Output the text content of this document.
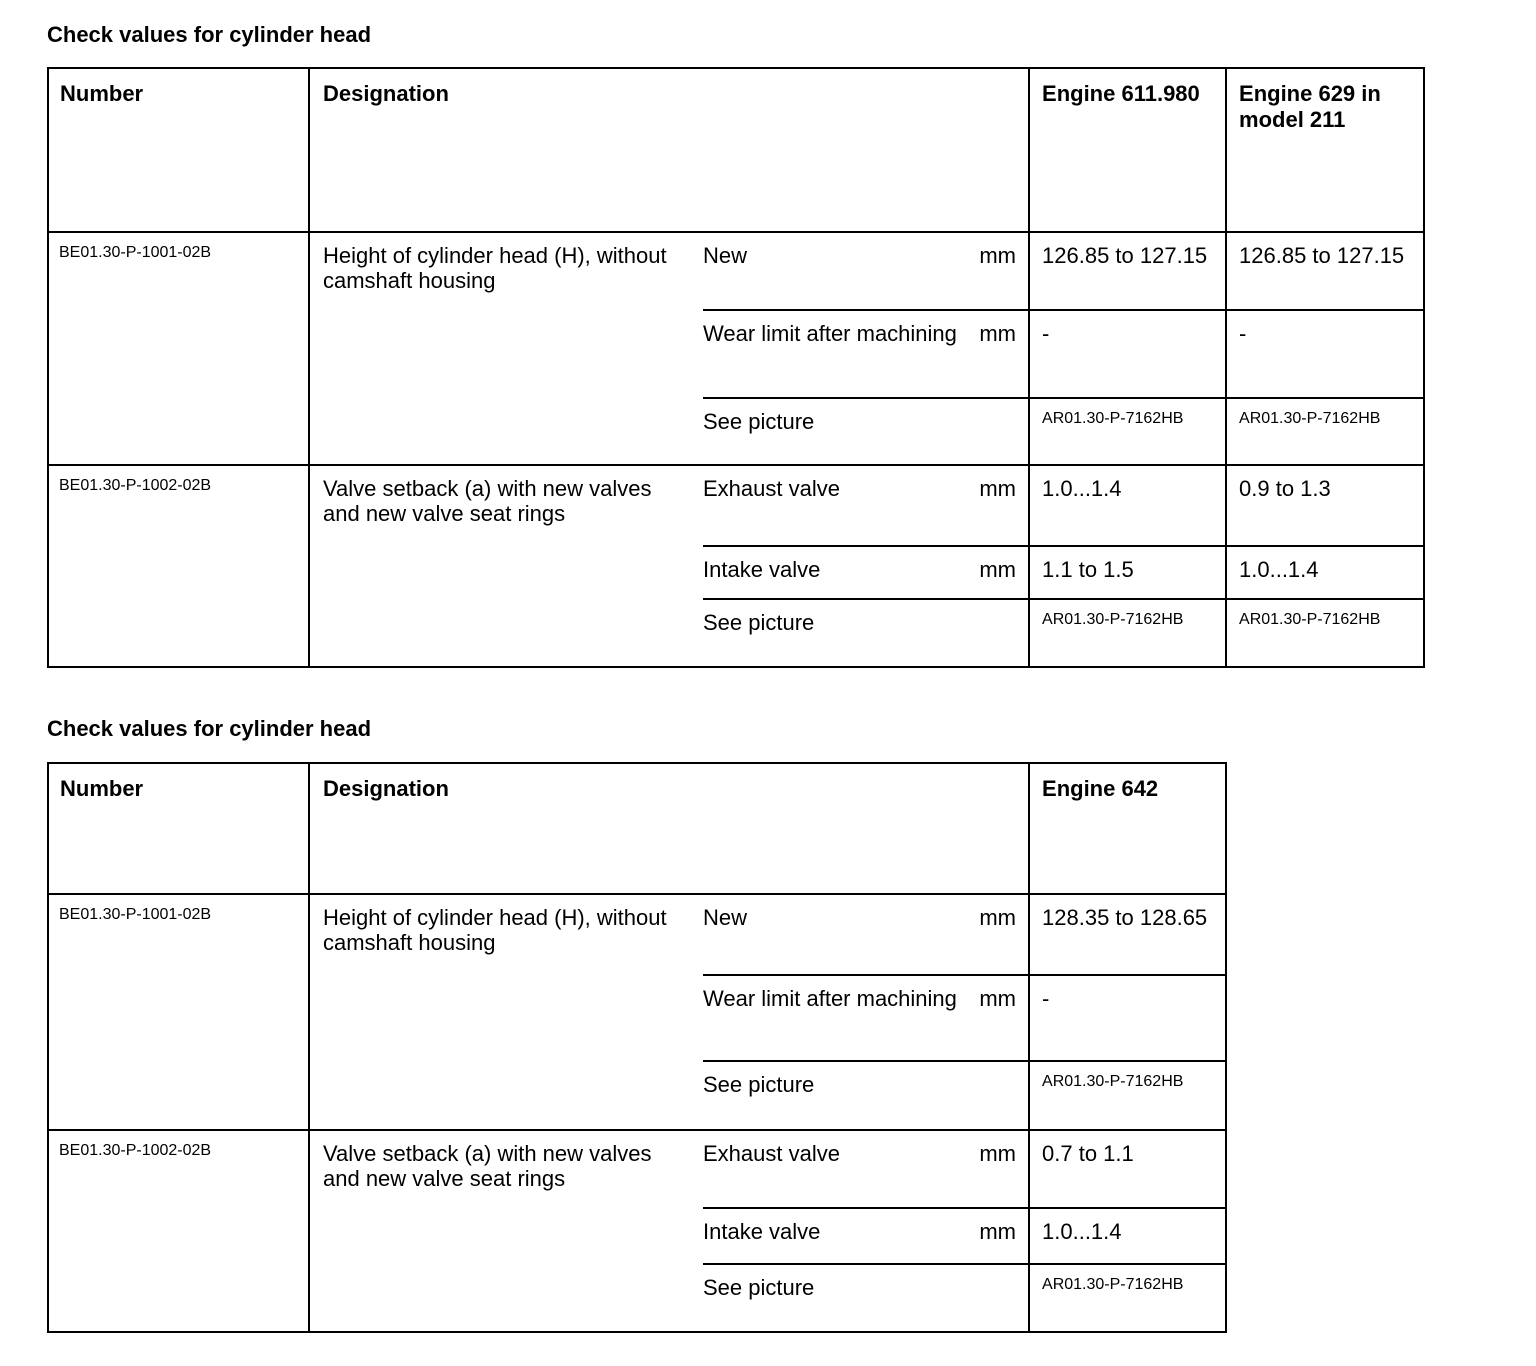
Check values for cylinder head
Number	Designation			Engine 611.980	Engine 629 in model 211

BE01.30-P-1001-02B	Height of cylinder head (H), without camshaft housing	New	mm	126.85 to 127.15	126.85 to 127.15

		Wear limit after machining	mm	-	-

		See picture		AR01.30-P-7162HB	AR01.30-P-7162HB

BE01.30-P-1002-02B	Valve setback (a) with new valves and new valve seat rings	Exhaust valve	mm	1.0...1.4	0.9 to 1.3

		Intake valve	mm	1.1 to 1.5	1.0...1.4

		See picture		AR01.30-P-7162HB	AR01.30-P-7162HB
Check values for cylinder head
Number	Designation			Engine 642

BE01.30-P-1001-02B	Height of cylinder head (H), without camshaft housing	New	mm	128.35 to 128.65

		Wear limit after machining	mm	-

		See picture		AR01.30-P-7162HB

BE01.30-P-1002-02B	Valve setback (a) with new valves and new valve seat rings	Exhaust valve	mm	0.7 to 1.1

		Intake valve	mm	1.0...1.4

		See picture		AR01.30-P-7162HB
